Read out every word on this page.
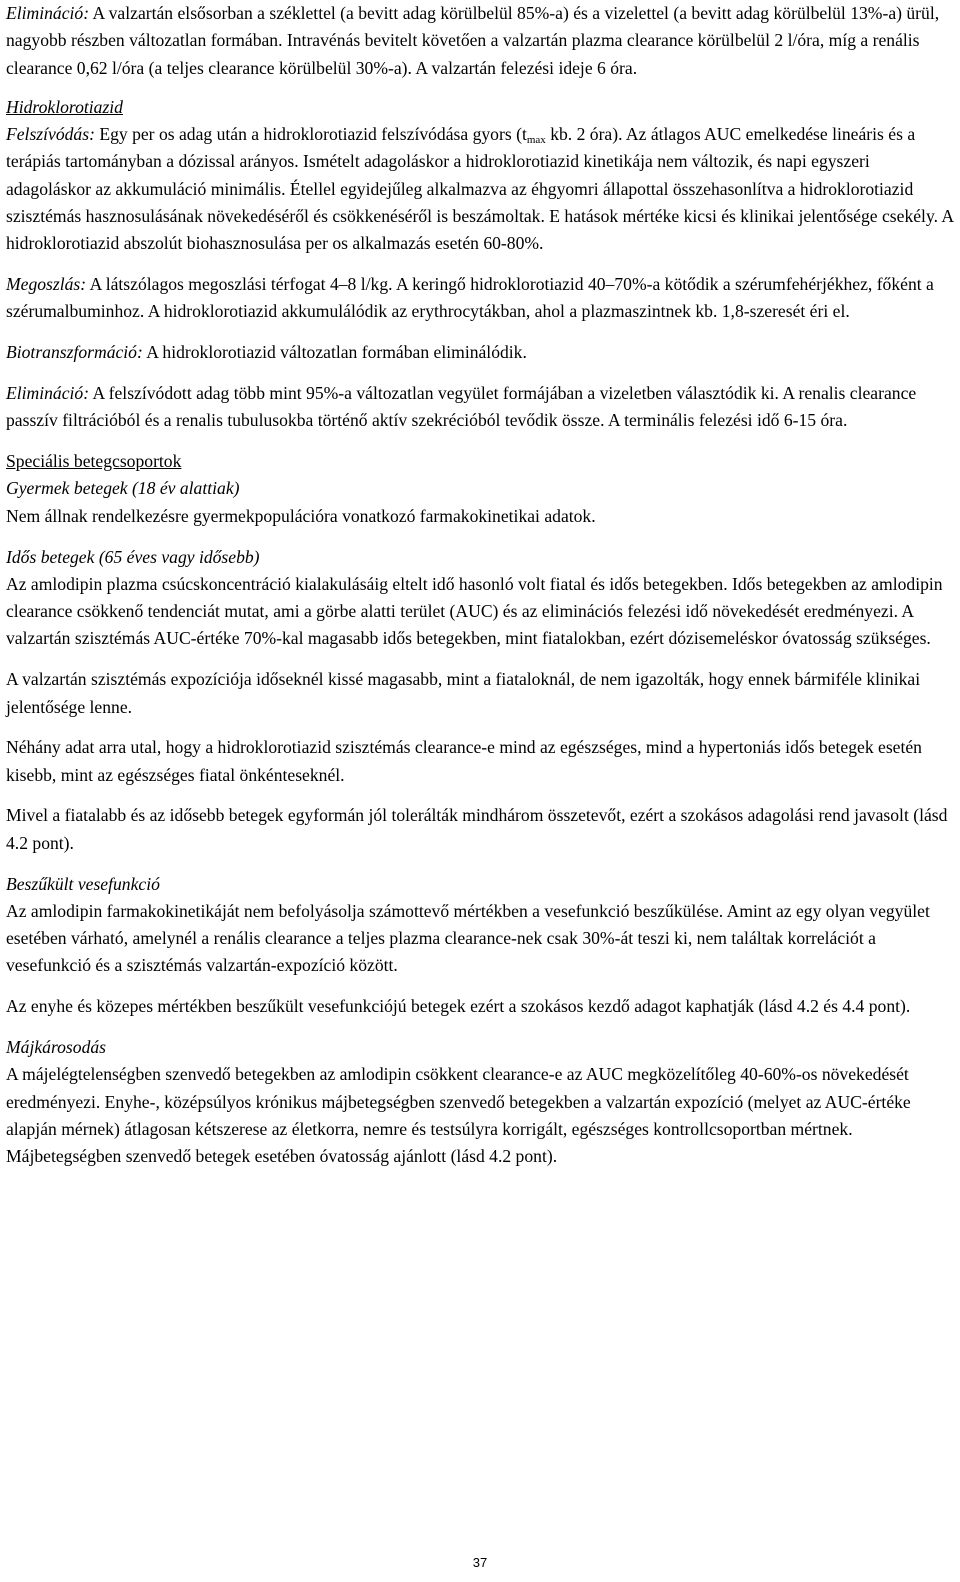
Elimináció: A valzartán elsősorban a széklettel (a bevitt adag körülbelül 85%-a) és a vizelettel (a bevitt adag körülbelül 13%-a) ürül, nagyobb részben változatlan formában. Intravénás bevitelt követően a valzartán plazma clearance körülbelül 2 l/óra, míg a renális clearance 0,62 l/óra (a teljes clearance körülbelül 30%-a). A valzartán felezési ideje 6 óra.

Hidroklorotiazid

Felszívódás: Egy per os adag után a hidroklorotiazid felszívódása gyors ($t_{max}$ kb. 2 óra). Az átlagos AUC emelkedése lineáris és a terápiás tartományban a dózissal arányos. Ismételt adagoláskor a hidroklorotiazid kinetikája nem változik, és napi egyszeri adagoláskor az akkumuláció minimális. Étellel egyidejűleg alkalmazva az éhgyomri állapottal összehasonlítva a hidroklorotiazid szisztémás hasznosulásának növekedéséről és csökkenéséről is beszámoltak. E hatások mértéke kicsi és klinikai jelentősége csekély. A hidroklorotiazid abszolút biohasznosulása per os alkalmazás esetén 60-80%.

Megoszlás: A látszólagos megoszlási térfogat 4–8 l/kg. A keringő hidroklorotiazid 40–70%-a kötődik a szérumfehérjékhez, főként a szérumalbuminhoz. A hidroklorotiazid akkumulálódik az erythrocytákban, ahol a plazmaszintnek kb. 1,8-szeresét éri el.

Biotranszformáció: A hidroklorotiazid változatlan formában eliminálódik.

Elimináció: A felszívódott adag több mint 95%-a változatlan vegyület formájában a vizeletben választódik ki. A renalis clearance passzív filtrációból és a renalis tubulusokba történő aktív szekrécióból tevődik össze. A terminális felezési idő 6-15 óra.

Speciális betegcsoportok

Gyermek betegek (18 év alattiak)

Nem állnak rendelkezésre gyermekpopulációra vonatkozó farmakokinetikai adatok.

Idős betegek (65 éves vagy idősebb)

Az amlodipin plazma csúcskoncentráció kialakulásáig eltelt idő hasonló volt fiatal és idős betegekben. Idős betegekben az amlodipin clearance csökkenő tendenciát mutat, ami a görbe alatti terület (AUC) és az eliminációs felezési idő növekedését eredményezi. A valzartán szisztémás AUC-értéke 70%-kal magasabb idős betegekben, mint fiatalokban, ezért dózisemeléskor óvatosság szükséges.

A valzartán szisztémás expozíciója időseknél kissé magasabb, mint a fiataloknál, de nem igazolták, hogy ennek bármiféle klinikai jelentősége lenne.

Néhány adat arra utal, hogy a hidroklorotiazid szisztémás clearance-e mind az egészséges, mind a hypertoniás idős betegek esetén kisebb, mint az egészséges fiatal önkénteseknél.

Mivel a fiatalabb és az idősebb betegek egyformán jól tolerálták mindhárom összetevőt, ezért a szokásos adagolási rend javasolt (lásd 4.2 pont).

Beszűkült vesefunkció

Az amlodipin farmakokinetikáját nem befolyásolja számottevő mértékben a vesefunkció beszűkülése. Amint az egy olyan vegyület esetében várható, amelynél a renális clearance a teljes plazma clearance-nek csak 30%-át teszi ki, nem találtak korrelációt a vesefunkció és a szisztémás valzartán-expozíció között.

Az enyhe és közepes mértékben beszűkült vesefunkciójú betegek ezért a szokásos kezdő adagot kaphatják (lásd 4.2 és 4.4 pont).

Májkárosodás

A májelégtelenségben szenvedő betegekben az amlodipin csökkent clearance-e az AUC megközelítőleg 40-60%-os növekedését eredményezi. Enyhe-, középsúlyos krónikus májbetegségben szenvedő betegekben a valzartán expozíció (melyet az AUC-értéke alapján mérnek) átlagosan kétszerese az életkorra, nemre és testsúlyra korrigált, egészséges kontrollcsoportban mértnek. Májbetegségben szenvedő betegek esetében óvatosság ajánlott (lásd 4.2 pont).

37
